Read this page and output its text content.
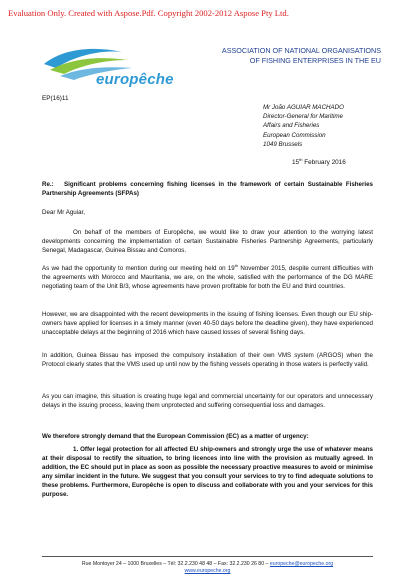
Evaluation Only. Created with Aspose.Pdf. Copyright 2002-2012 Aspose Pty Ltd.
europêche
ASSOCIATION OF NATIONAL ORGANISATIONS
OF FISHING ENTERPRISES IN THE EU
EP(16)11
Mr João AGUIAR MACHADO
Director-General for Maritime
Affairs and Fisheries
European Commission
1049 Brussels
15th February 2016

Re.: Significant problems concerning fishing licenses in the framework of certain Sustainable Fisheries Partnership Agreements (SFPAs)

Dear Mr Aguiar,

On behalf of the members of Europêche, we would like to draw your attention to the worrying latest developments concerning the implementation of certain Sustainable Fisheries Partnership Agreements, particularly Senegal, Madagascar, Guinea Bissau and Comoros.

As we had the opportunity to mention during our meeting held on 19th November 2015, despite current difficulties with the agreements with Morocco and Mauritania, we are, on the whole, satisfied with the performance of the DG MARE negotiating team of the Unit B/3, whose agreements have proven profitable for both the EU and third countries.

However, we are disappointed with the recent developments in the issuing of fishing licenses. Even though our EU ship-owners have applied for licenses in a timely manner (even 40-50 days before the deadline given), they have experienced unacceptable delays at the beginning of 2016 which have caused losses of several fishing days.

In addition, Guinea Bissau has imposed the compulsory installation of their own VMS system (ARGOS) when the Protocol clearly states that the VMS used up until now by the fishing vessels operating in those waters is perfectly valid.

As you can imagine, this situation is creating huge legal and commercial uncertainty for our operators and unnecessary delays in the issuing process, leaving them unprotected and suffering consequential loss and damages.

We therefore strongly demand that the European Commission (EC) as a matter of urgency:

1. Offer legal protection for all affected EU ship-owners and strongly urge the use of whatever means at their disposal to rectify the situation, to bring licences into line with the provision as mutually agreed. In addition, the EC should put in place as soon as possible the necessary proactive measures to avoid or minimise any similar incident in the future. We suggest that you consult your services to try to find adequate solutions to these problems. Furthermore, Europêche is open to discuss and collaborate with you and your services for this purpose.

Rue Montoyer 24 – 1000 Bruxelles – Tél: 32.2.230 48 48 – Fax: 32.2.230 26 80 – europeche@europeche.org
www.europeche.org
